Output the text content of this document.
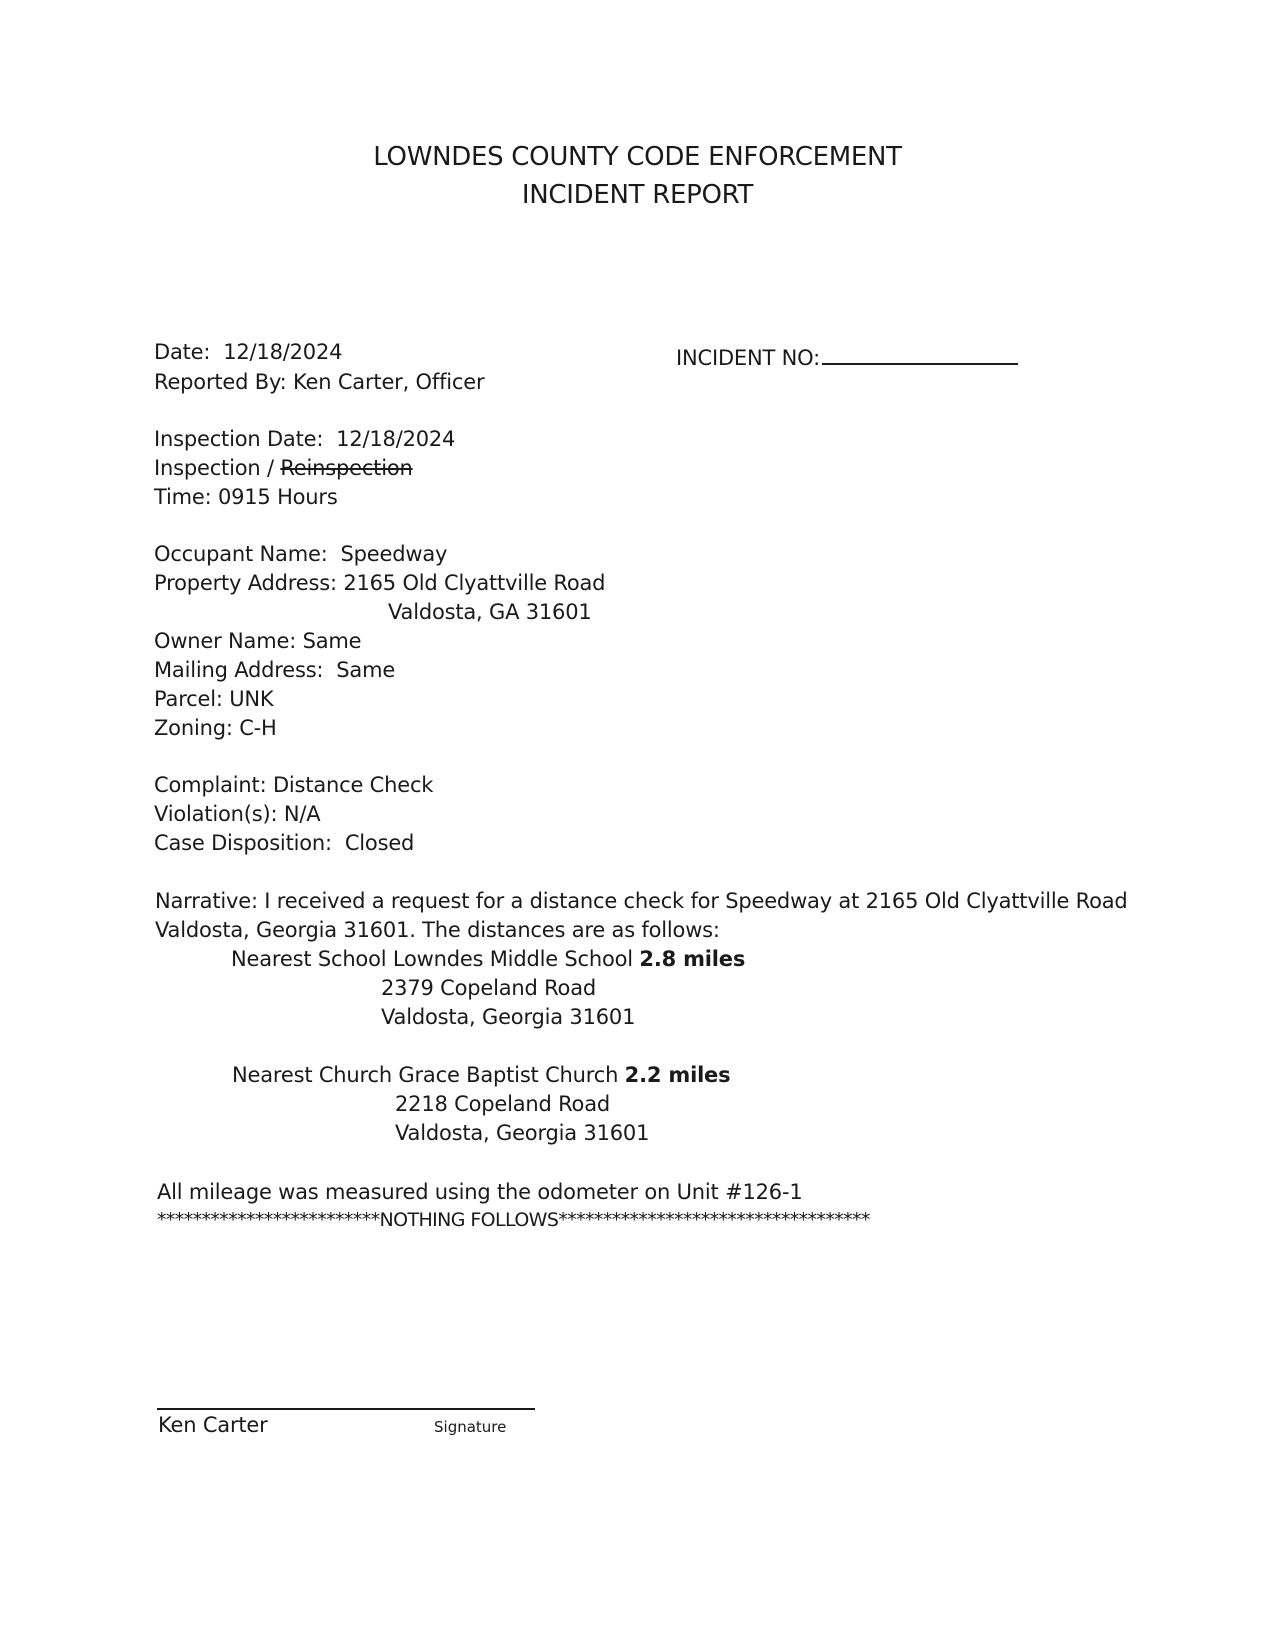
LOWNDES COUNTY CODE ENFORCEMENT
INCIDENT REPORT
Date: 12/18/2024	INCIDENT NO:
Reported By: Ken Carter, Officer
Inspection Date: 12/18/2024
Inspection / Reinspection
Time: 0915 Hours
Occupant Name: Speedway
Property Address: 2165 Old Clyattville Road
Valdosta, GA 31601
Owner Name: Same
Mailing Address: Same
Parcel: UNK
Zoning: C-H
Complaint: Distance Check
Violation(s): N/A
Case Disposition: Closed
Narrative: I received a request for a distance check for Speedway at 2165 Old Clyattville Road
Valdosta, Georgia 31601. The distances are as follows:
Nearest School Lowndes Middle School 2.8 miles
2379 Copeland Road
Valdosta, Georgia 31601
Nearest Church Grace Baptist Church 2.2 miles
2218 Copeland Road
Valdosta, Georgia 31601
All mileage was measured using the odometer on Unit #126-1
*************************NOTHING FOLLOWS***********************************
Ken Carter	Signature
